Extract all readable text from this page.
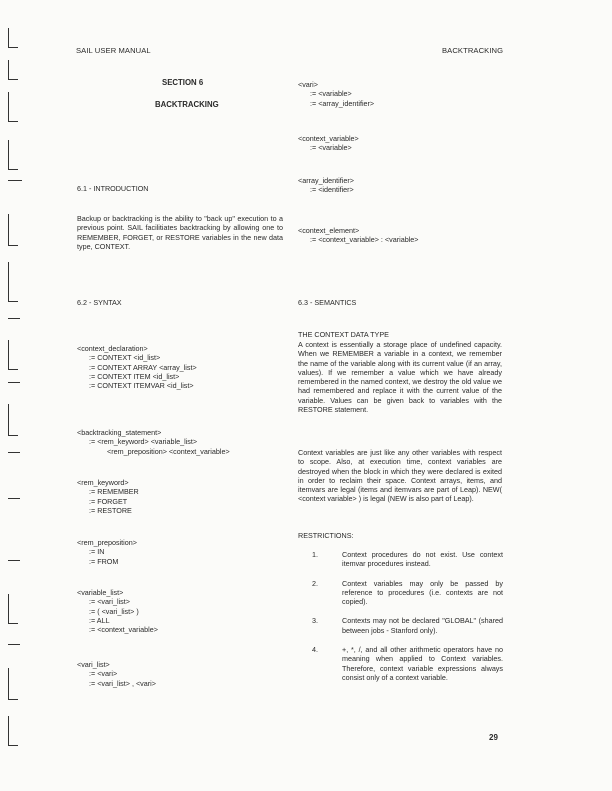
SAIL USER MANUAL	BACKTRACKING
SECTION 6
BACKTRACKING
6.1 - INTRODUCTION
Backup or backtracking is the ability to "back up" execution to a previous point. SAIL facilitiates backtracking by allowing one to REMEMBER, FORGET, or RESTORE variables in the new data type, CONTEXT.
6.2 - SYNTAX
<context_declaration>
:= CONTEXT <id_list>
:= CONTEXT ARRAY <array_list>
:= CONTEXT ITEM <id_list>
:= CONTEXT ITEMVAR <id_list>
<backtracking_statement>
:= <rem_keyword> <variable_list>
<rem_preposition> <context_variable>
<rem_keyword>
:= REMEMBER
:= FORGET
:= RESTORE
<rem_preposition>
:= IN
:= FROM
<variable_list>
:= <vari_list>
:= ( <vari_list> )
:= ALL
:= <context_variable>
<vari_list>
:= <vari>
:= <vari_list> , <vari>
<vari>
:= <variable>
:= <array_identifier>
<context_variable>
:= <variable>
<array_identifier>
:= <identifier>
<context_element>
:= <context_variable> : <variable>
6.3 - SEMANTICS
THE CONTEXT DATA TYPE
A context is essentially a storage place of undefined capacity. When we REMEMBER a variable in a context, we remember the name of the variable along with its current value (if an array, values). If we remember a value which we have already remembered in the named context, we destroy the old value we had remembered and replace it with the current value of the variable. Values can be given back to variables with the RESTORE statement.
Context variables are just like any other variables with respect to scope. Also, at execution time, context variables are destroyed when the block in which they were declared is exited in order to reclaim their space. Context arrays, items, and itemvars are legal (items and itemvars are part of Leap). NEW( <context variable> ) is legal (NEW is also part of Leap).
RESTRICTIONS:
1.	Context procedures do not exist. Use context itemvar procedures instead.
2.	Context variables may only be passed by reference to procedures (i.e. contexts are not copied).
3.	Contexts may not be declared "GLOBAL" (shared between jobs - Stanford only).
4.	+, *, /, and all other arithmetic operators have no meaning when applied to Context variables. Therefore, context variable expressions always consist only of a context variable.
29
